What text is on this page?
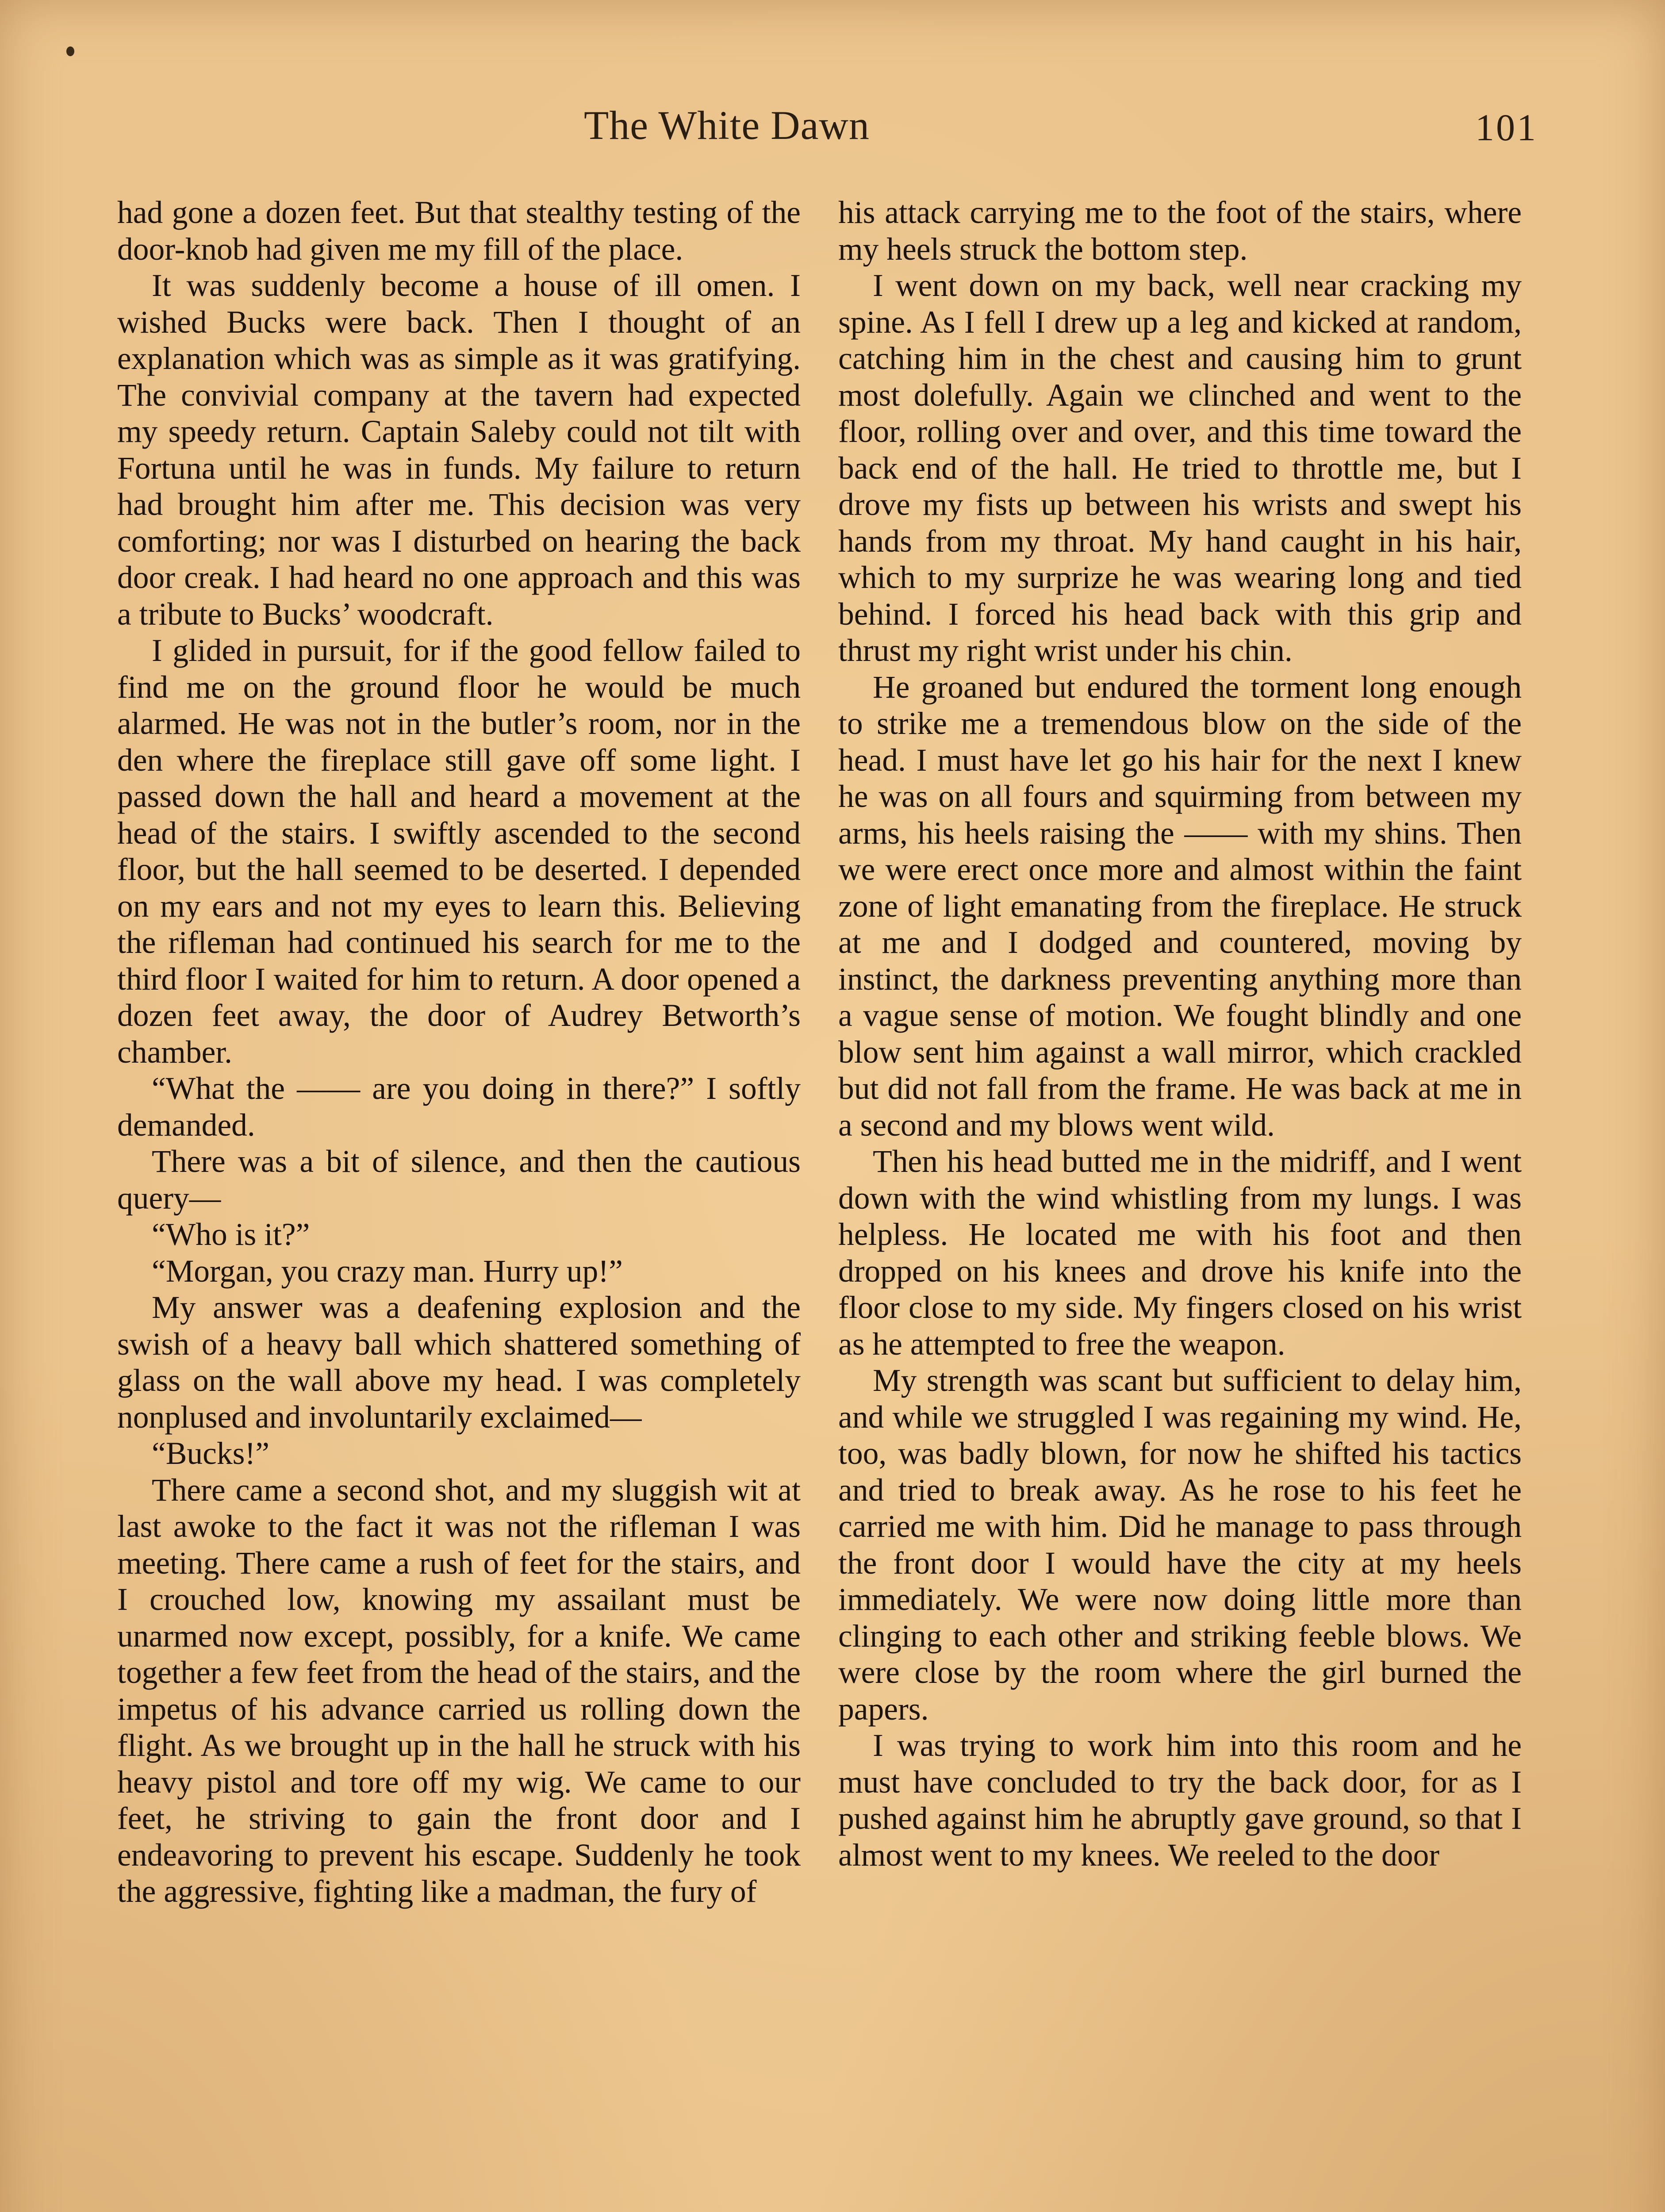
The White Dawn	101

had gone a dozen feet. But that stealthy testing of the door-knob had given me my fill of the place.

It was suddenly become a house of ill omen. I wished Bucks were back. Then I thought of an explanation which was as simple as it was gratifying. The convivial company at the tavern had expected my speedy return. Captain Saleby could not tilt with Fortuna until he was in funds. My failure to return had brought him after me. This decision was very comforting; nor was I disturbed on hearing the back door creak. I had heard no one approach and this was a tribute to Bucks’ woodcraft.

I glided in pursuit, for if the good fellow failed to find me on the ground floor he would be much alarmed. He was not in the butler’s room, nor in the den where the fireplace still gave off some light. I passed down the hall and heard a movement at the head of the stairs. I swiftly ascended to the second floor, but the hall seemed to be deserted. I depended on my ears and not my eyes to learn this. Believing the rifleman had continued his search for me to the third floor I waited for him to return. A door opened a dozen feet away, the door of Audrey Betworth’s chamber.

“What the —— are you doing in there?” I softly demanded.

There was a bit of silence, and then the cautious query—

“Who is it?”

“Morgan, you crazy man. Hurry up!”

My answer was a deafening explosion and the swish of a heavy ball which shattered something of glass on the wall above my head. I was completely nonplused and involuntarily exclaimed—

“Bucks!”

There came a second shot, and my sluggish wit at last awoke to the fact it was not the rifleman I was meeting. There came a rush of feet for the stairs, and I crouched low, knowing my assailant must be unarmed now except, possibly, for a knife. We came together a few feet from the head of the stairs, and the impetus of his advance carried us rolling down the flight. As we brought up in the hall he struck with his heavy pistol and tore off my wig. We came to our feet, he striving to gain the front door and I endeavoring to prevent his escape. Suddenly he took the aggressive, fighting like a madman, the fury of

his attack carrying me to the foot of the stairs, where my heels struck the bottom step.

I went down on my back, well near cracking my spine. As I fell I drew up a leg and kicked at random, catching him in the chest and causing him to grunt most dolefully. Again we clinched and went to the floor, rolling over and over, and this time toward the back end of the hall. He tried to throttle me, but I drove my fists up between his wrists and swept his hands from my throat. My hand caught in his hair, which to my surprize he was wearing long and tied behind. I forced his head back with this grip and thrust my right wrist under his chin.

He groaned but endured the torment long enough to strike me a tremendous blow on the side of the head. I must have let go his hair for the next I knew he was on all fours and squirming from between my arms, his heels raising the —— with my shins. Then we were erect once more and almost within the faint zone of light emanating from the fireplace. He struck at me and I dodged and countered, moving by instinct, the darkness preventing anything more than a vague sense of motion. We fought blindly and one blow sent him against a wall mirror, which crackled but did not fall from the frame. He was back at me in a second and my blows went wild.

Then his head butted me in the midriff, and I went down with the wind whistling from my lungs. I was helpless. He located me with his foot and then dropped on his knees and drove his knife into the floor close to my side. My fingers closed on his wrist as he attempted to free the weapon.

My strength was scant but sufficient to delay him, and while we struggled I was regaining my wind. He, too, was badly blown, for now he shifted his tactics and tried to break away. As he rose to his feet he carried me with him. Did he manage to pass through the front door I would have the city at my heels immediately. We were now doing little more than clinging to each other and striking feeble blows. We were close by the room where the girl burned the papers.

I was trying to work him into this room and he must have concluded to try the back door, for as I pushed against him he abruptly gave ground, so that I almost went to my knees. We reeled to the door
